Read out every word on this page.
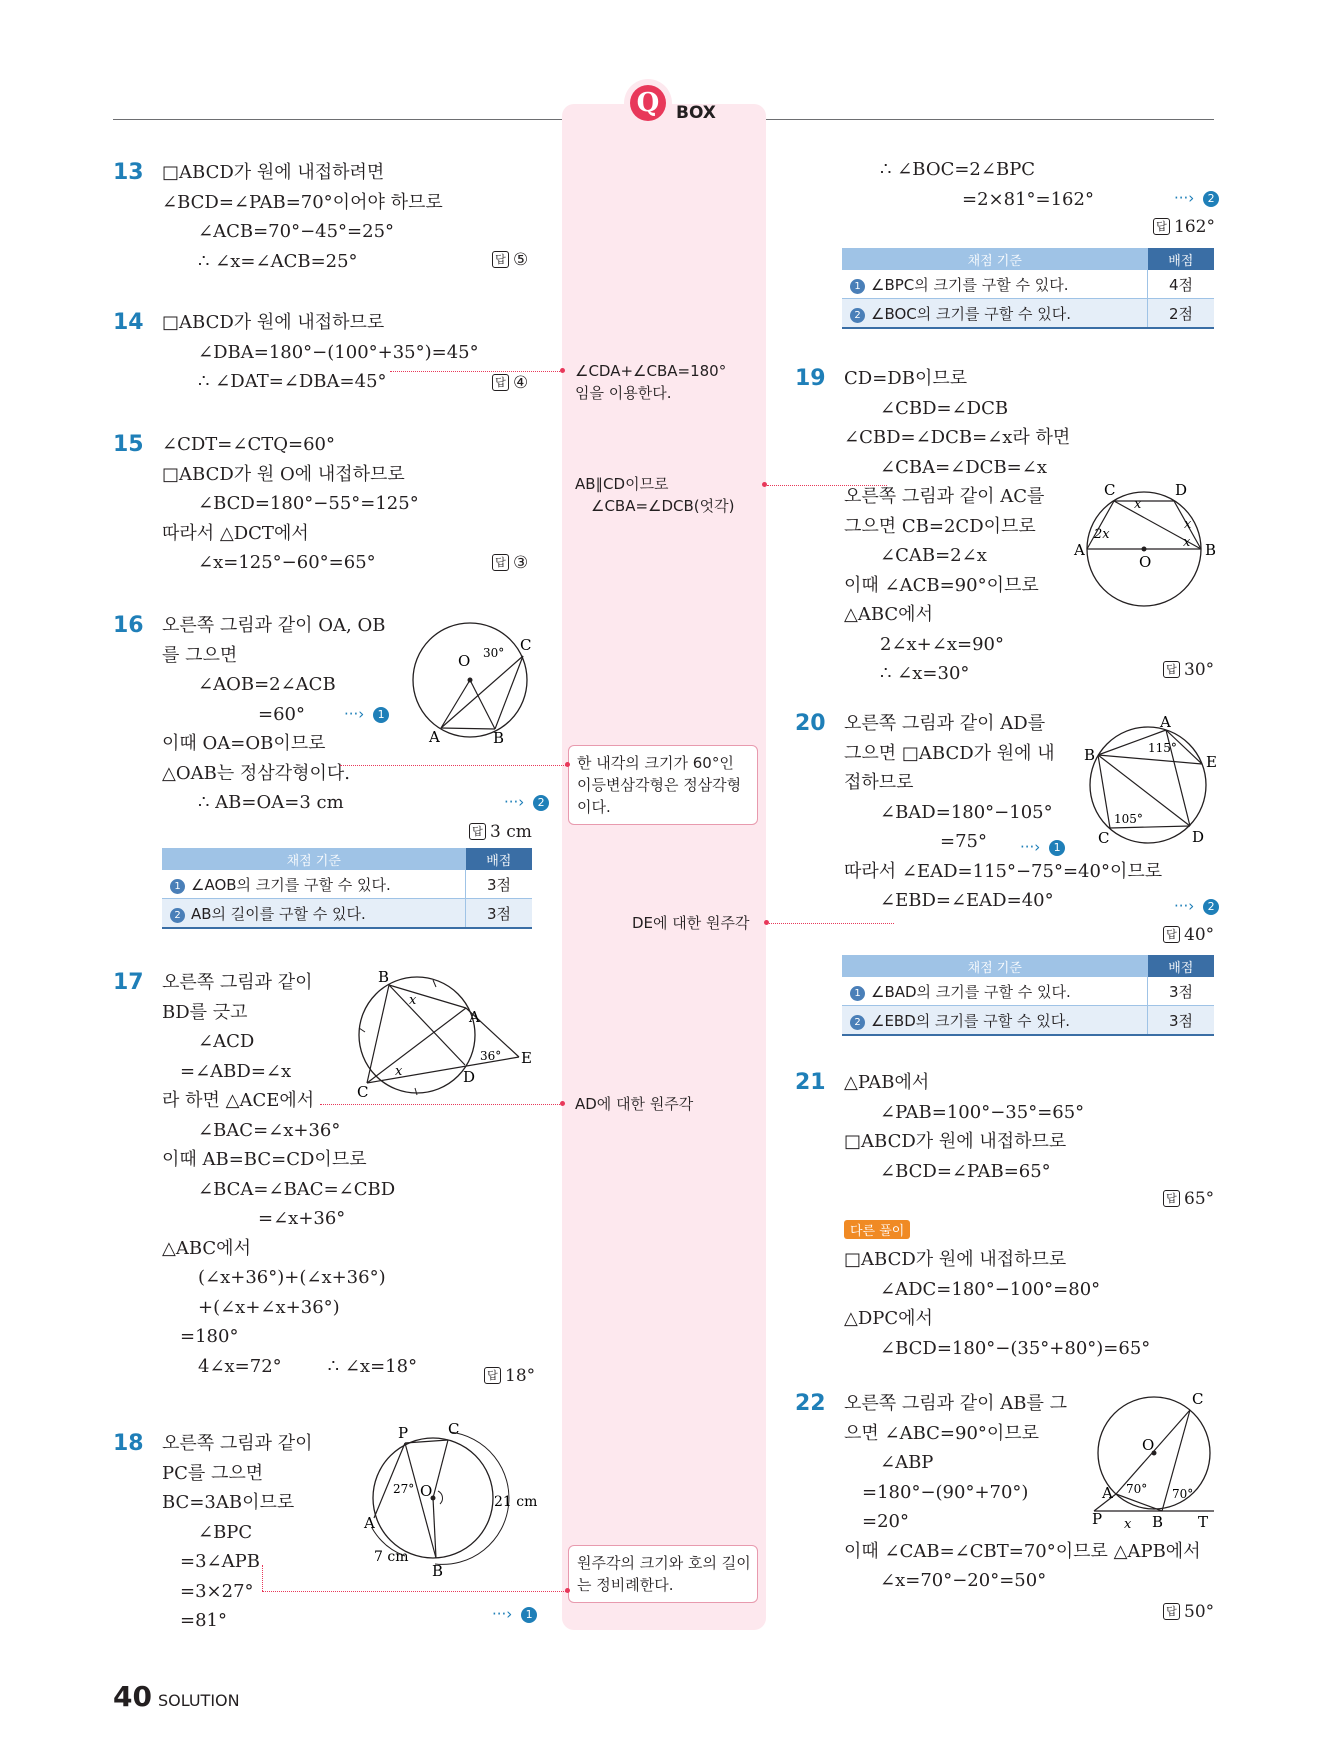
Q BOX
13 □ABCD가 원에 내접하려면
∠BCD=∠PAB=70°이어야 하므로
∠ACB=70°−45°=25°
∴ ∠x=∠ACB=25°	답 ⑤
14 □ABCD가 원에 내접하므로
∠DBA=180°−(100°+35°)=45°
∴ ∠DAT=∠DBA=45°	답 ④
15 ∠CDT=∠CTQ=60°
□ABCD가 원 O에 내접하므로
∠BCD=180°−55°=125°
따라서 △DCT에서
∠x=125°−60°=65°	답 ③
16 오른쪽 그림과 같이 OA, OB
를 그으면
∠AOB=2∠ACB
=60°
이때 OA=OB이므로
△OAB는 정삼각형이다.
∴ AB=OA=3 cm
···› 1
···› 2
답 3 cm
O 30° C
A	B
채점 기준	배점
1 ∠AOB의 크기를 구할 수 있다.	3점
2 AB의 길이를 구할 수 있다.	3점
17 오른쪽 그림과 같이
BD를 긋고
∠ACD
=∠ABD=∠x
라 하면 △ACE에서
∠BAC=∠x+36°
이때 AB=BC=CD이므로
∠BCA=∠BAC=∠CBD
=∠x+36°
△ABC에서
(∠x+36°)+(∠x+36°)
+(∠x+∠x+36°)
=180°
4∠x=72°	∴ ∠x=18°	답 18°
B
A
E
D
C
x
x
36°
18 오른쪽 그림과 같이
PC를 그으면
BC=3AB이므로
∠BPC
=3∠APB
=3×27°
=81°	···› 1
P	C
O
A
B
27°
21 cm
7 cm
∠CDA+∠CBA=180°
임을 이용한다.
AB∥CD이므로
∠CBA=∠DCB(엇각)
한 내각의 크기가 60°인
이등변삼각형은 정삼각형
이다.
DE에 대한 원주각
AD에 대한 원주각
원주각의 크기와 호의 길이
는 정비례한다.
∴ ∠BOC=2∠BPC
=2×81°=162°	···› 2
답 162°
채점 기준	배점
1 ∠BPC의 크기를 구할 수 있다.	4점
2 ∠BOC의 크기를 구할 수 있다.	2점
19 CD=DB이므로
∠CBD=∠DCB
∠CBD=∠DCB=∠x라 하면
∠CBA=∠DCB=∠x
오른쪽 그림과 같이 AC를
그으면 CB=2CD이므로
∠CAB=2∠x
이때 ∠ACB=90°이므로
△ABC에서
2∠x+∠x=90°
∴ ∠x=30°	답 30°
C	D
A
O
B
x
x
x
2x
20 오른쪽 그림과 같이 AD를
그으면 □ABCD가 원에 내
접하므로
∠BAD=180°−105°
=75°
따라서 ∠EAD=115°−75°=40°이므로
∠EBD=∠EAD=40°
···› 1
···› 2
답 40°
A
E
B
C	D
115°
105°
채점 기준	배점
1 ∠BAD의 크기를 구할 수 있다.	3점
2 ∠EBD의 크기를 구할 수 있다.	3점
21 △PAB에서
∠PAB=100°−35°=65°
□ABCD가 원에 내접하므로
∠BCD=∠PAB=65°
답 65°
다른 풀이
□ABCD가 원에 내접하므로
∠ADC=180°−100°=80°
△DPC에서
∠BCD=180°−(35°+80°)=65°
22 오른쪽 그림과 같이 AB를 그
으면 ∠ABC=90°이므로
∠ABP
=180°−(90°+70°)
=20°
이때 ∠CAB=∠CBT=70°이므로 △APB에서
∠x=70°−20°=50°
답 50°
C
O
A
P x B T
70° 70°
40 SOLUTION
